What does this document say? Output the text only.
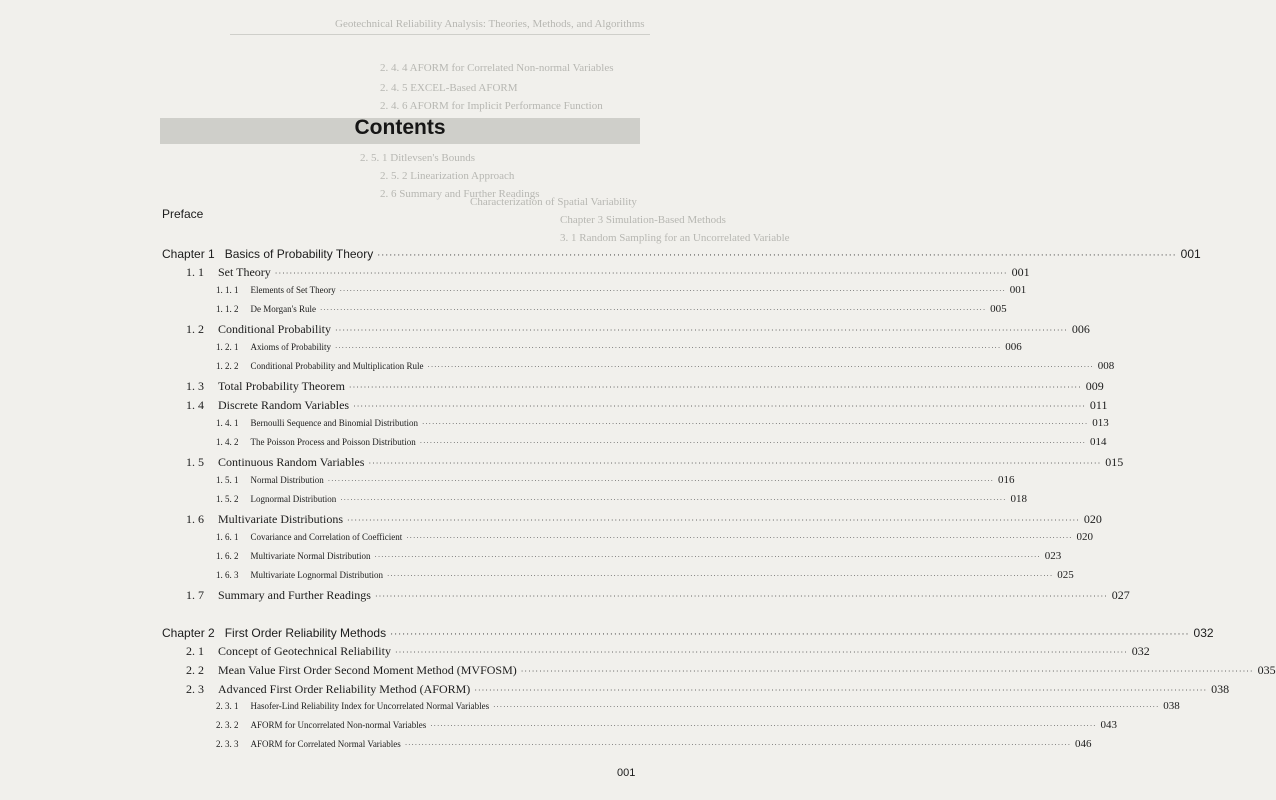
Geotechnical Reliability Analysis: Theories, Methods, and Algorithms
2. 4. 4 AFORM for Correlated Non-normal Variables
2. 4. 5 EXCEL-Based AFORM
2. 4. 6 AFORM for Implicit Performance Function
2. 5. 1 Ditlevsen's Bounds
2. 5. 2 Linearization Approach
2. 6 Summary and Further Readings
Characterization of Spatial Variability
Chapter 3 Simulation-Based Methods
3. 1 Random Sampling for an Uncorrelated Variable
Contents
Preface
Chapter 1 Basics of Probability Theory ········································································································································································································ 001
1. 1 Set Theory ········································································································································································································ 001
1. 1. 1 Elements of Set Theory ········································································································································································································ 001
1. 1. 2 De Morgan's Rule ········································································································································································································ 005
1. 2 Conditional Probability ········································································································································································································ 006
1. 2. 1 Axioms of Probability ········································································································································································································ 006
1. 2. 2 Conditional Probability and Multiplication Rule ········································································································································································································ 008
1. 3 Total Probability Theorem ········································································································································································································ 009
1. 4 Discrete Random Variables ········································································································································································································ 011
1. 4. 1 Bernoulli Sequence and Binomial Distribution ········································································································································································································ 013
1. 4. 2 The Poisson Process and Poisson Distribution ········································································································································································································ 014
1. 5 Continuous Random Variables ········································································································································································································ 015
1. 5. 1 Normal Distribution ········································································································································································································ 016
1. 5. 2 Lognormal Distribution ········································································································································································································ 018
1. 6 Multivariate Distributions ········································································································································································································ 020
1. 6. 1 Covariance and Correlation of Coefficient ········································································································································································································ 020
1. 6. 2 Multivariate Normal Distribution ········································································································································································································ 023
1. 6. 3 Multivariate Lognormal Distribution ········································································································································································································ 025
1. 7 Summary and Further Readings ········································································································································································································ 027
Chapter 2 First Order Reliability Methods ········································································································································································································ 032
2. 1 Concept of Geotechnical Reliability ········································································································································································································ 032
2. 2 Mean Value First Order Second Moment Method (MVFOSM) ········································································································································································································ 035
2. 3 Advanced First Order Reliability Method (AFORM) ········································································································································································································ 038
2. 3. 1 Hasofer-Lind Reliability Index for Uncorrelated Normal Variables ········································································································································································································ 038
2. 3. 2 AFORM for Uncorrelated Non-normal Variables ········································································································································································································ 043
2. 3. 3 AFORM for Correlated Normal Variables ········································································································································································································ 046
001
